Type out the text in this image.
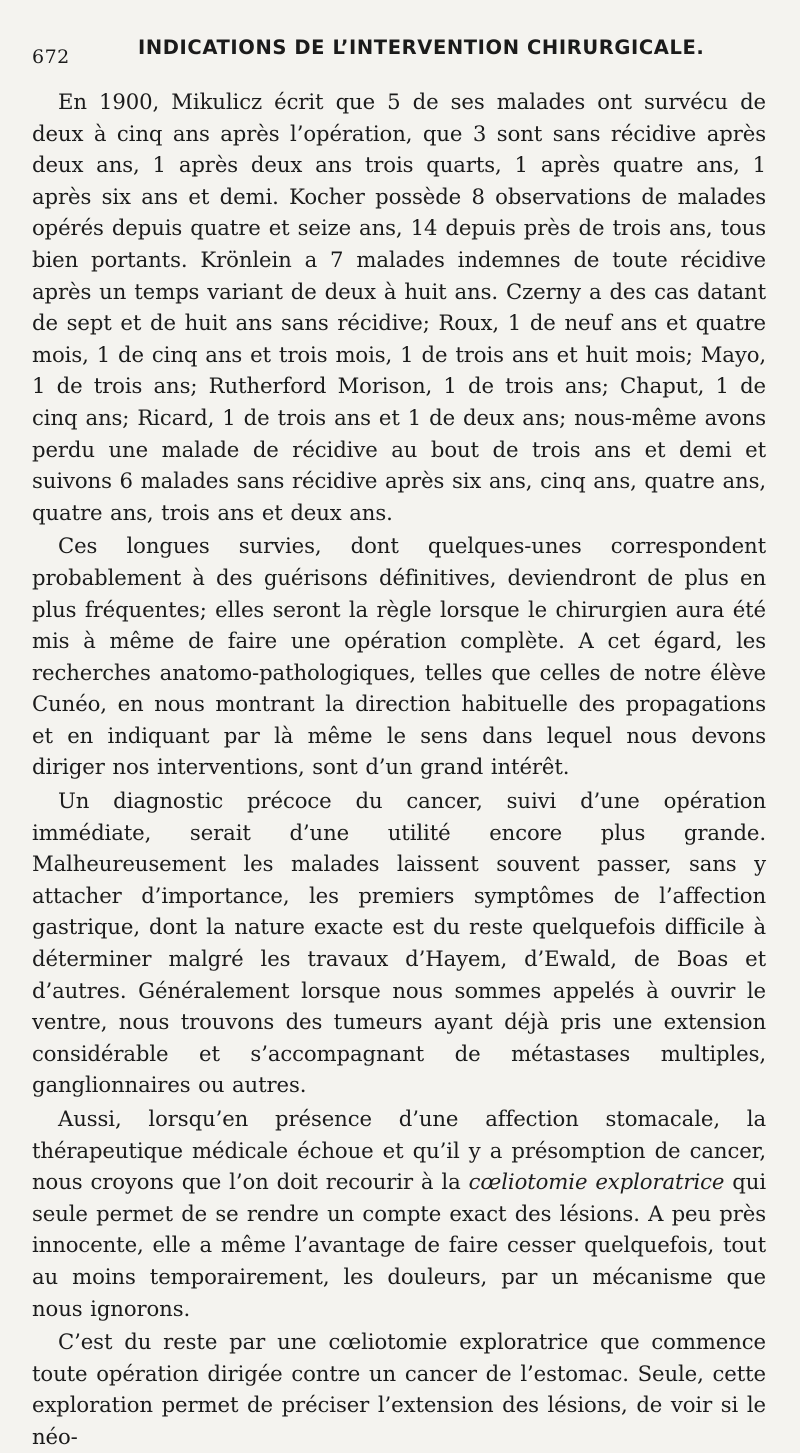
672	INDICATIONS DE L’INTERVENTION CHIRURGICALE.

En 1900, Mikulicz écrit que 5 de ses malades ont survécu de deux à cinq ans après l’opération, que 3 sont sans récidive après deux ans, 1 après deux ans trois quarts, 1 après quatre ans, 1 après six ans et demi. Kocher possède 8 observations de malades opérés depuis quatre et seize ans, 14 depuis près de trois ans, tous bien portants. Krönlein a 7 malades indemnes de toute récidive après un temps variant de deux à huit ans. Czerny a des cas datant de sept et de huit ans sans récidive; Roux, 1 de neuf ans et quatre mois, 1 de cinq ans et trois mois, 1 de trois ans et huit mois; Mayo, 1 de trois ans; Rutherford Morison, 1 de trois ans; Chaput, 1 de cinq ans; Ricard, 1 de trois ans et 1 de deux ans; nous-même avons perdu une malade de récidive au bout de trois ans et demi et suivons 6 malades sans récidive après six ans, cinq ans, quatre ans, quatre ans, trois ans et deux ans.

Ces longues survies, dont quelques-unes correspondent probablement à des guérisons définitives, deviendront de plus en plus fréquentes; elles seront la règle lorsque le chirurgien aura été mis à même de faire une opération complète. A cet égard, les recherches anatomo-pathologiques, telles que celles de notre élève Cunéo, en nous montrant la direction habituelle des propagations et en indiquant par là même le sens dans lequel nous devons diriger nos interventions, sont d’un grand intérêt.

Un diagnostic précoce du cancer, suivi d’une opération immédiate, serait d’une utilité encore plus grande. Malheureusement les malades laissent souvent passer, sans y attacher d’importance, les premiers symptômes de l’affection gastrique, dont la nature exacte est du reste quelquefois difficile à déterminer malgré les travaux d’Hayem, d’Ewald, de Boas et d’autres. Généralement lorsque nous sommes appelés à ouvrir le ventre, nous trouvons des tumeurs ayant déjà pris une extension considérable et s’accompagnant de métastases multiples, ganglionnaires ou autres.

Aussi, lorsqu’en présence d’une affection stomacale, la thérapeutique médicale échoue et qu’il y a présomption de cancer, nous croyons que l’on doit recourir à la cœliotomie exploratrice qui seule permet de se rendre un compte exact des lésions. A peu près innocente, elle a même l’avantage de faire cesser quelquefois, tout au moins temporairement, les douleurs, par un mécanisme que nous ignorons.

C’est du reste par une cœliotomie exploratrice que commence toute opération dirigée contre un cancer de l’estomac. Seule, cette exploration permet de préciser l’extension des lésions, de voir si le néo-
